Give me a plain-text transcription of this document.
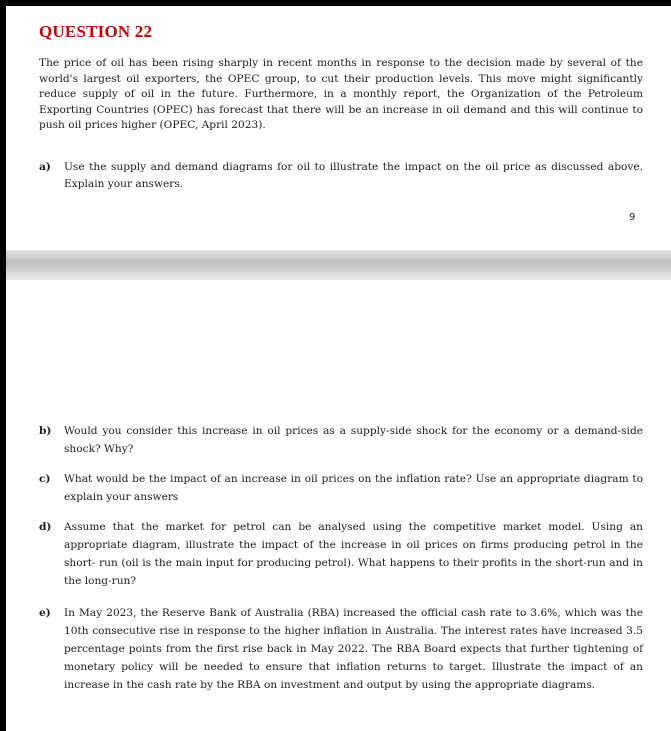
QUESTION 22

The price of oil has been rising sharply in recent months in response to the decision made by several of the world's largest oil exporters, the OPEC group, to cut their production levels. This move might significantly reduce supply of oil in the future. Furthermore, in a monthly report, the Organization of the Petroleum Exporting Countries (OPEC) has forecast that there will be an increase in oil demand and this will continue to push oil prices higher (OPEC, April 2023).

a) Use the supply and demand diagrams for oil to illustrate the impact on the oil price as discussed above. Explain your answers.
9
b) Would you consider this increase in oil prices as a supply-side shock for the economy or a demand-side shock? Why?
c) What would be the impact of an increase in oil prices on the inflation rate? Use an appropriate diagram to explain your answers
d) Assume that the market for petrol can be analysed using the competitive market model. Using an appropriate diagram, illustrate the impact of the increase in oil prices on firms producing petrol in the short- run (oil is the main input for producing petrol). What happens to their profits in the short-run and in the long-run?
e) In May 2023, the Reserve Bank of Australia (RBA) increased the official cash rate to 3.6%, which was the 10th consecutive rise in response to the higher inflation in Australia. The interest rates have increased 3.5 percentage points from the first rise back in May 2022. The RBA Board expects that further tightening of monetary policy will be needed to ensure that inflation returns to target. Illustrate the impact of an increase in the cash rate by the RBA on investment and output by using the appropriate diagrams.
